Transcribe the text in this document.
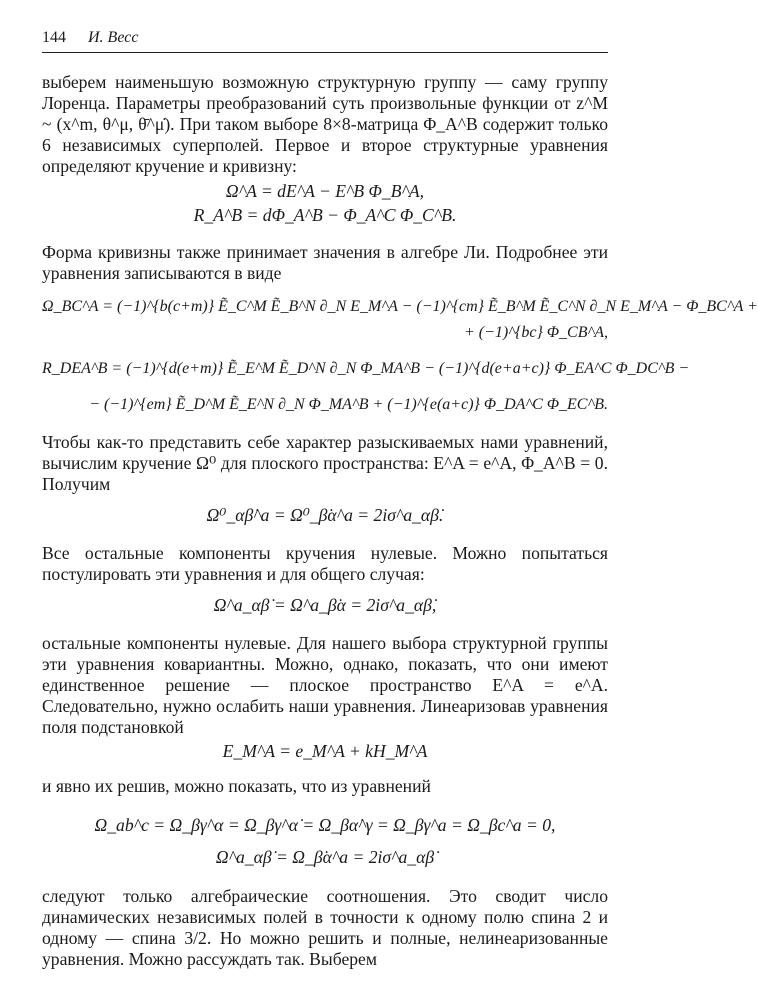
144 И. Весс

выберем наименьшую возможную структурную группу — саму группу Лоренца. Параметры преобразований суть произвольные функции от z^M ~ (x^m, θ^μ, θ̄^μ̇). При таком выборе 8×8-матрица Φ_A^B содержит только 6 независимых суперполей. Первое и второе структурные уравнения определяют кручение и кривизну:

Ω^A = dE^A − E^B Φ_B^A,
R_A^B = dΦ_A^B − Φ_A^C Φ_C^B.

Форма кривизны также принимает значения в алгебре Ли. Подробнее эти уравнения записываются в виде

Ω_BC^A = (−1)^{b(c+m)} Ẽ_C^M Ẽ_B^N ∂_N E_M^A − (−1)^{cm} Ẽ_B^M Ẽ_C^N ∂_N E_M^A − Φ_BC^A +
+ (−1)^{bc} Φ_CB^A,
R_DEA^B = (−1)^{d(e+m)} Ẽ_E^M Ẽ_D^N ∂_N Φ_MA^B − (−1)^{d(e+a+c)} Φ_EA^C Φ_DC^B −
− (−1)^{em} Ẽ_D^M Ẽ_E^N ∂_N Φ_MA^B + (−1)^{e(a+c)} Φ_DA^C Φ_EC^B.

Чтобы как-то представить себе характер разыскиваемых нами уравнений, вычислим кручение Ω⁰ для плоского пространства: E^A = e^A, Φ_A^B = 0. Получим

Ω⁰_αβ̇^a = Ω⁰_β̇α^a = 2iσ^a_αβ̇.

Все остальные компоненты кручения нулевые. Можно попытаться постулировать эти уравнения и для общего случая:

Ω^a_αβ̇ = Ω^a_β̇α = 2iσ^a_αβ̇,

остальные компоненты нулевые. Для нашего выбора структурной группы эти уравнения ковариантны. Можно, однако, показать, что они имеют единственное решение — плоское пространство E^A = e^A. Следовательно, нужно ослабить наши уравнения. Линеаризовав уравнения поля подстановкой

E_M^A = e_M^A + kH_M^A

и явно их решив, можно показать, что из уравнений

Ω_ab^c = Ω_βγ^α = Ω_βγ^α̇ = Ω_βα̇^γ = Ω_βγ^a = Ω_βc^a = 0,
Ω^a_αβ̇ = Ω_β̇α^a = 2iσ^a_αβ̇

следуют только алгебраические соотношения. Это сводит число динамических независимых полей в точности к одному полю спина 2 и одному — спина 3/2. Но можно решить и полные, нелинеаризованные уравнения. Можно рассуждать так. Выберем
